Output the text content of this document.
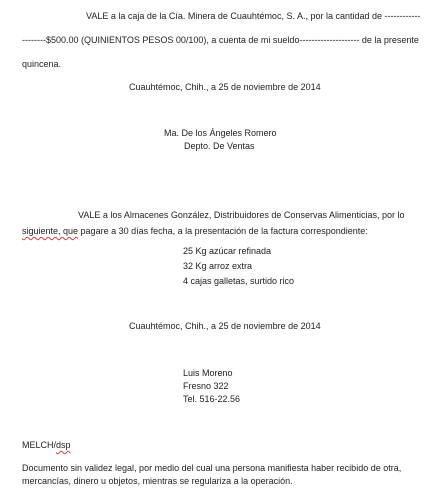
VALE a la caja de la Cía. Minera de Cuauhtémoc, S. A., por la cantidad de ------------
--------$500.00 (QUINIENTOS PESOS 00/100), a cuenta de mi sueldo-------------------- de la presente
quincena.
Cuauhtémoc, Chih., a 25 de noviembre de 2014
Ma. De los Ángeles Romero
Depto. De Ventas
VALE a los Almacenes González, Distribuidores de Conservas Alimenticias, por lo
siguiente, que pagare a 30 días fecha, a la presentación de la factura correspondiente:
25 Kg azúcar refinada
32 Kg arroz extra
4 cajas galletas, surtido rico
Cuauhtémoc, Chih., a 25 de noviembre de 2014
Luis Moreno
Fresno 322
Tel. 516-22.56
MELCH/dsp
Documento sin validez legal, por medio del cual una persona manifiesta haber recibido de otra,
mercancías, dinero u objetos, mientras se regulariza a la operación.
